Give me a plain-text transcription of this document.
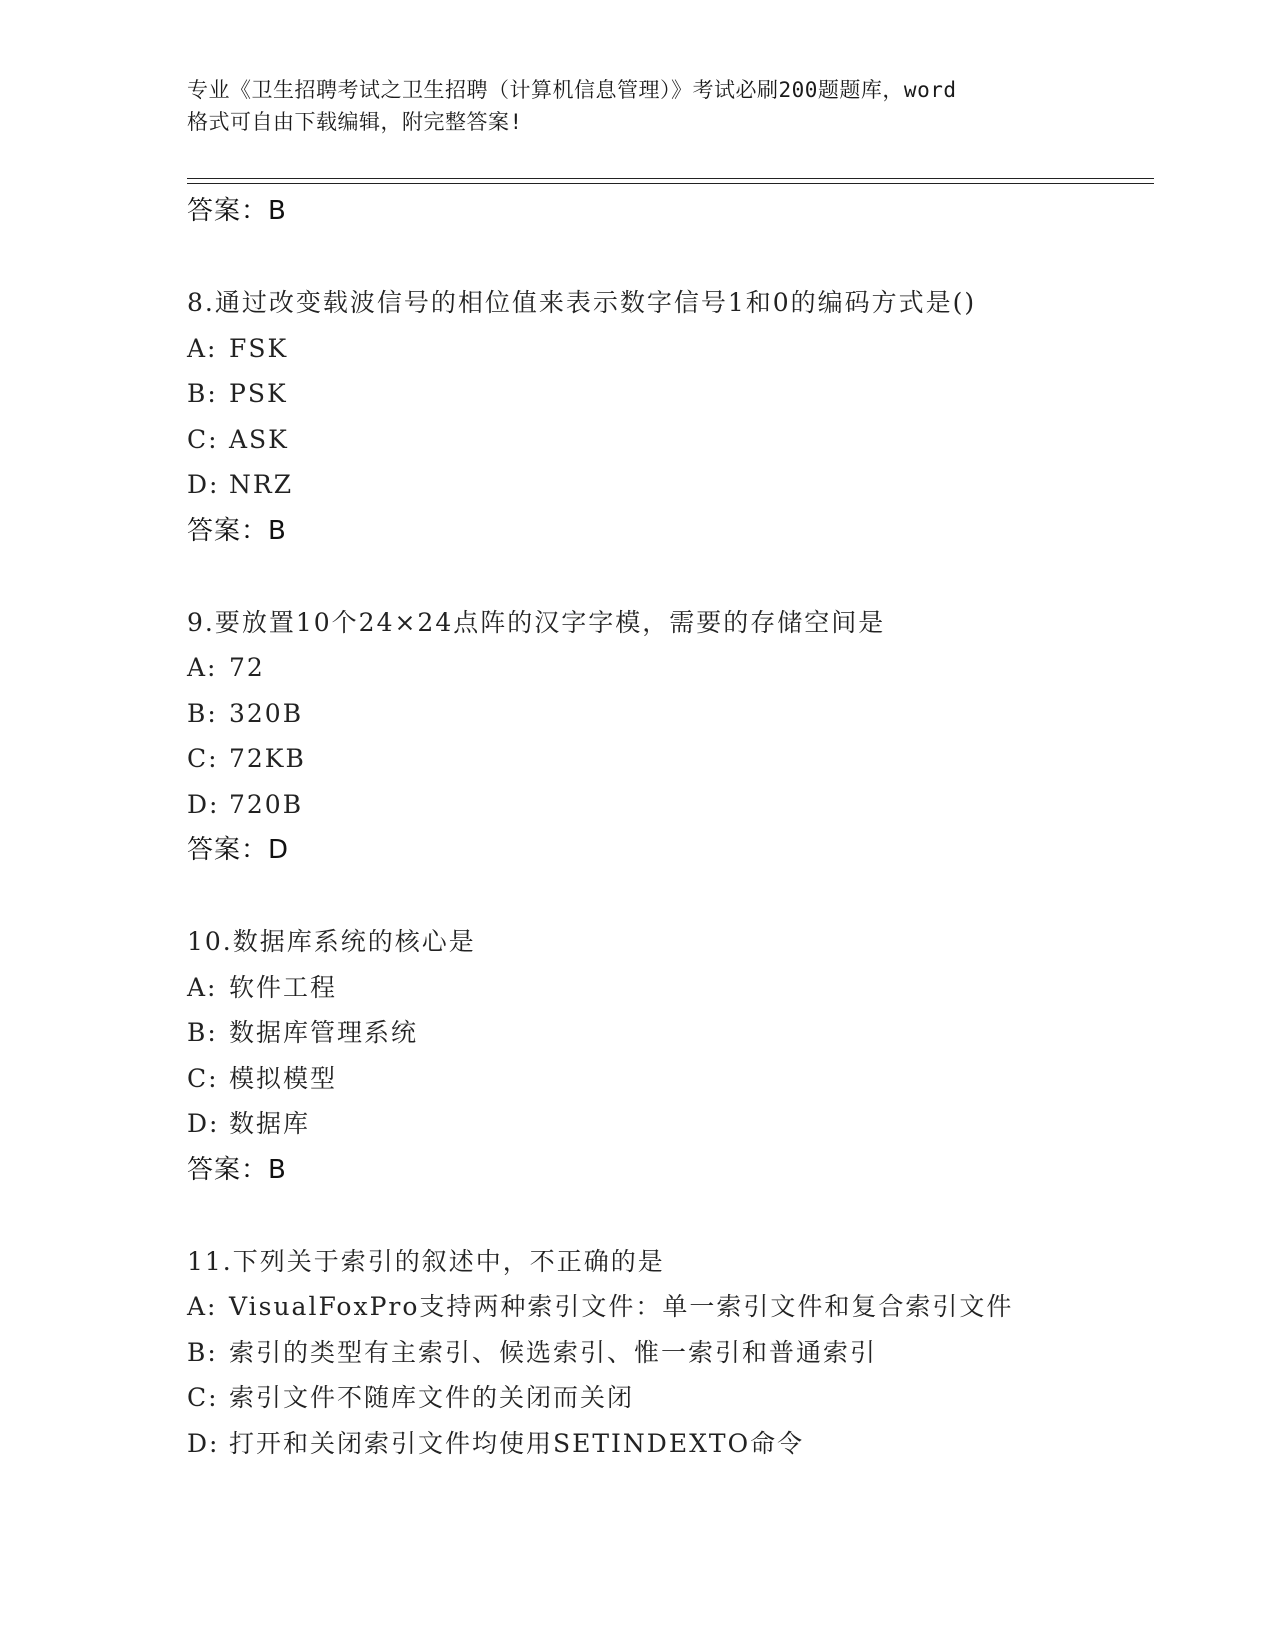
专业《卫生招聘考试之卫生招聘（计算机信息管理）》考试必刷200题题库，word
格式可自由下载编辑，附完整答案!
答案：B
8.通过改变载波信号的相位值来表示数字信号1和0的编码方式是()
A: FSK
B: PSK
C: ASK
D: NRZ
答案：B
9.要放置10个24×24点阵的汉字字模，需要的存储空间是
A: 72
B: 320B
C: 72KB
D: 720B
答案：D
10.数据库系统的核心是
A: 软件工程
B: 数据库管理系统
C: 模拟模型
D: 数据库
答案：B
11.下列关于索引的叙述中，不正确的是
A: VisualFoxPro支持两种索引文件：单一索引文件和复合索引文件
B: 索引的类型有主索引、候选索引、惟一索引和普通索引
C: 索引文件不随库文件的关闭而关闭
D: 打开和关闭索引文件均使用SETINDEXTO命令
